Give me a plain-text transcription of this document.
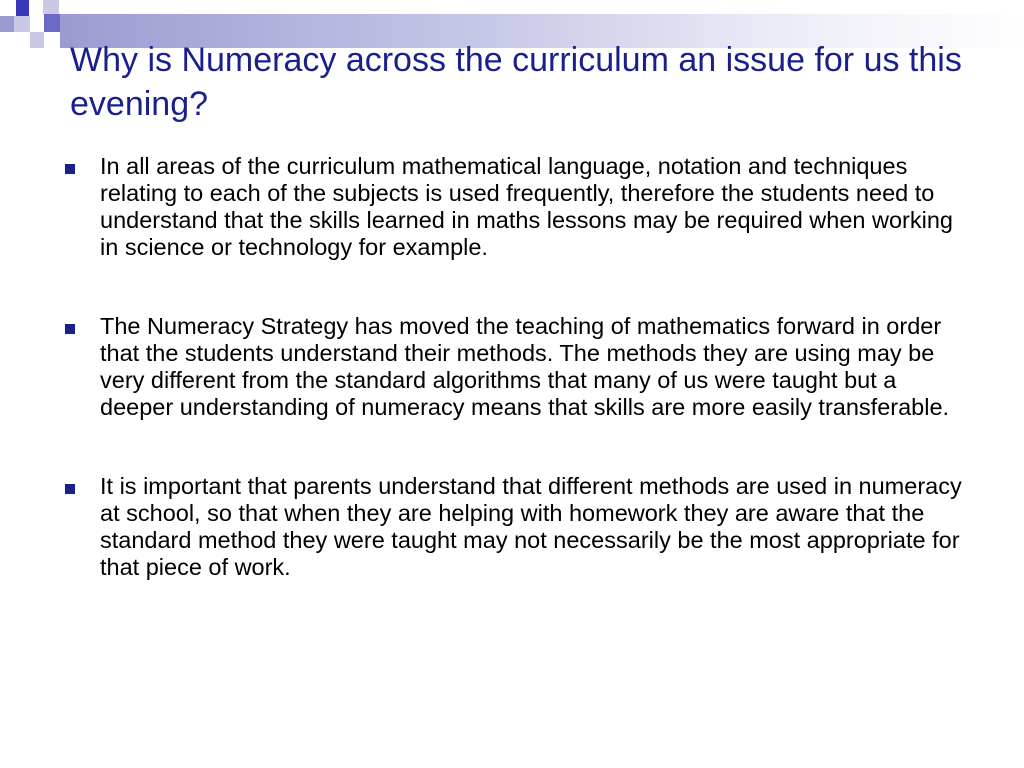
Why is Numeracy across the curriculum an issue for us this evening?
In all areas of the curriculum mathematical language, notation and techniques relating to each of the subjects is used frequently, therefore the students need to understand that the skills learned in maths lessons may be required when working in science or technology for example.
The Numeracy Strategy has moved the teaching of mathematics forward in order that the students understand their methods. The methods they are using may be very different from the standard algorithms that many of us were taught but a deeper understanding of numeracy means that skills are more easily transferable.
It is important that parents understand that different methods are used in numeracy at school, so that when they are helping with homework they are aware that the standard method they were taught may not necessarily be the most appropriate for that piece of work.
